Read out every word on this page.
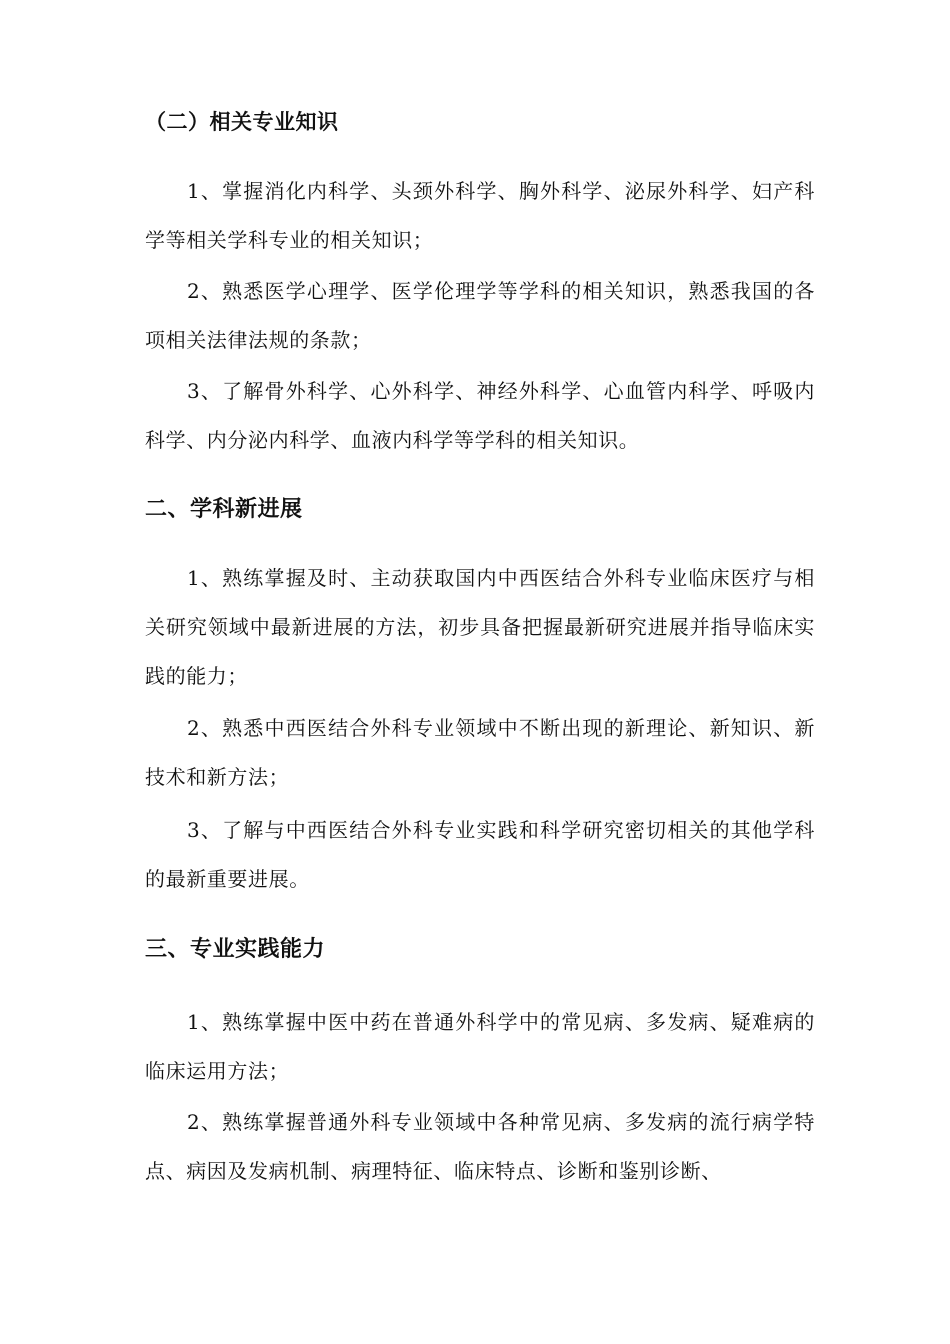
（二）相关专业知识
1、掌握消化内科学、头颈外科学、胸外科学、泌尿外科学、妇产科学等相关学科专业的相关知识；
2、熟悉医学心理学、医学伦理学等学科的相关知识，熟悉我国的各项相关法律法规的条款；
3、了解骨外科学、心外科学、神经外科学、心血管内科学、呼吸内科学、内分泌内科学、血液内科学等学科的相关知识。
二、学科新进展
1、熟练掌握及时、主动获取国内中西医结合外科专业临床医疗与相关研究领域中最新进展的方法，初步具备把握最新研究进展并指导临床实践的能力；
2、熟悉中西医结合外科专业领域中不断出现的新理论、新知识、新技术和新方法；
3、了解与中西医结合外科专业实践和科学研究密切相关的其他学科的最新重要进展。
三、专业实践能力
1、熟练掌握中医中药在普通外科学中的常见病、多发病、疑难病的临床运用方法；
2、熟练掌握普通外科专业领域中各种常见病、多发病的流行病学特点、病因及发病机制、病理特征、临床特点、诊断和鉴别诊断、
